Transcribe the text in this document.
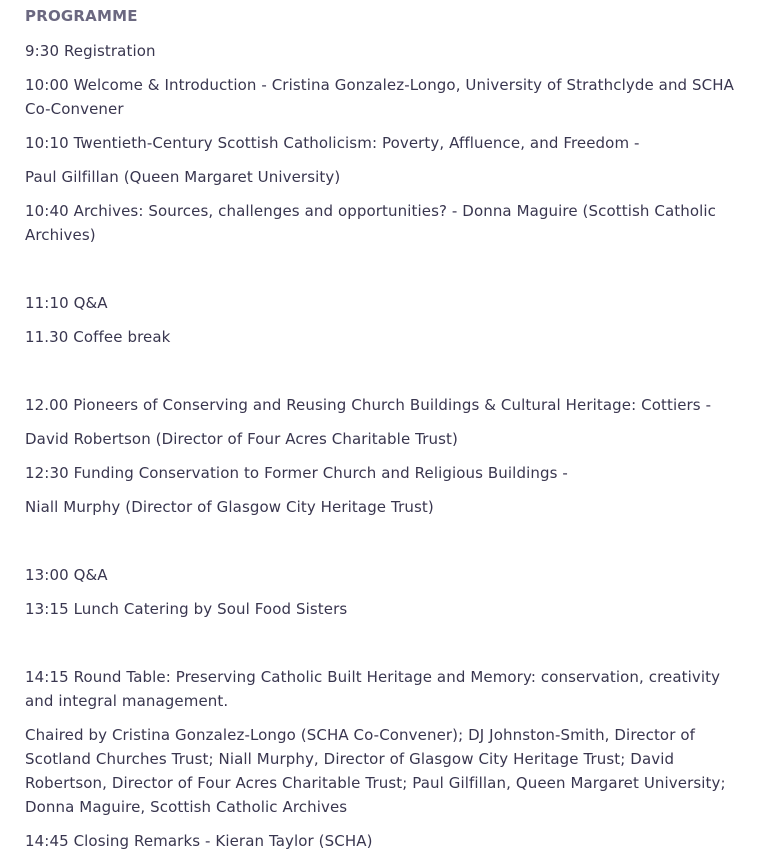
PROGRAMME
9:30 Registration
10:00 Welcome & Introduction - Cristina Gonzalez-Longo, University of Strathclyde and SCHA Co-Convener
10:10 Twentieth-Century Scottish Catholicism: Poverty, Affluence, and Freedom -
Paul Gilfillan (Queen Margaret University)
10:40 Archives: Sources, challenges and opportunities? - Donna Maguire (Scottish Catholic Archives)
11:10 Q&A
11.30 Coffee break
12.00 Pioneers of Conserving and Reusing Church Buildings & Cultural Heritage: Cottiers -
David Robertson (Director of Four Acres Charitable Trust)
12:30 Funding Conservation to Former Church and Religious Buildings -
Niall Murphy (Director of Glasgow City Heritage Trust)
13:00 Q&A
13:15 Lunch Catering by Soul Food Sisters
14:15 Round Table: Preserving Catholic Built Heritage and Memory: conservation, creativity and integral management.
Chaired by Cristina Gonzalez-Longo (SCHA Co-Convener); DJ Johnston-Smith, Director of Scotland Churches Trust; Niall Murphy, Director of Glasgow City Heritage Trust; David Robertson, Director of Four Acres Charitable Trust; Paul Gilfillan, Queen Margaret University; Donna Maguire, Scottish Catholic Archives
14:45 Closing Remarks - Kieran Taylor (SCHA)
